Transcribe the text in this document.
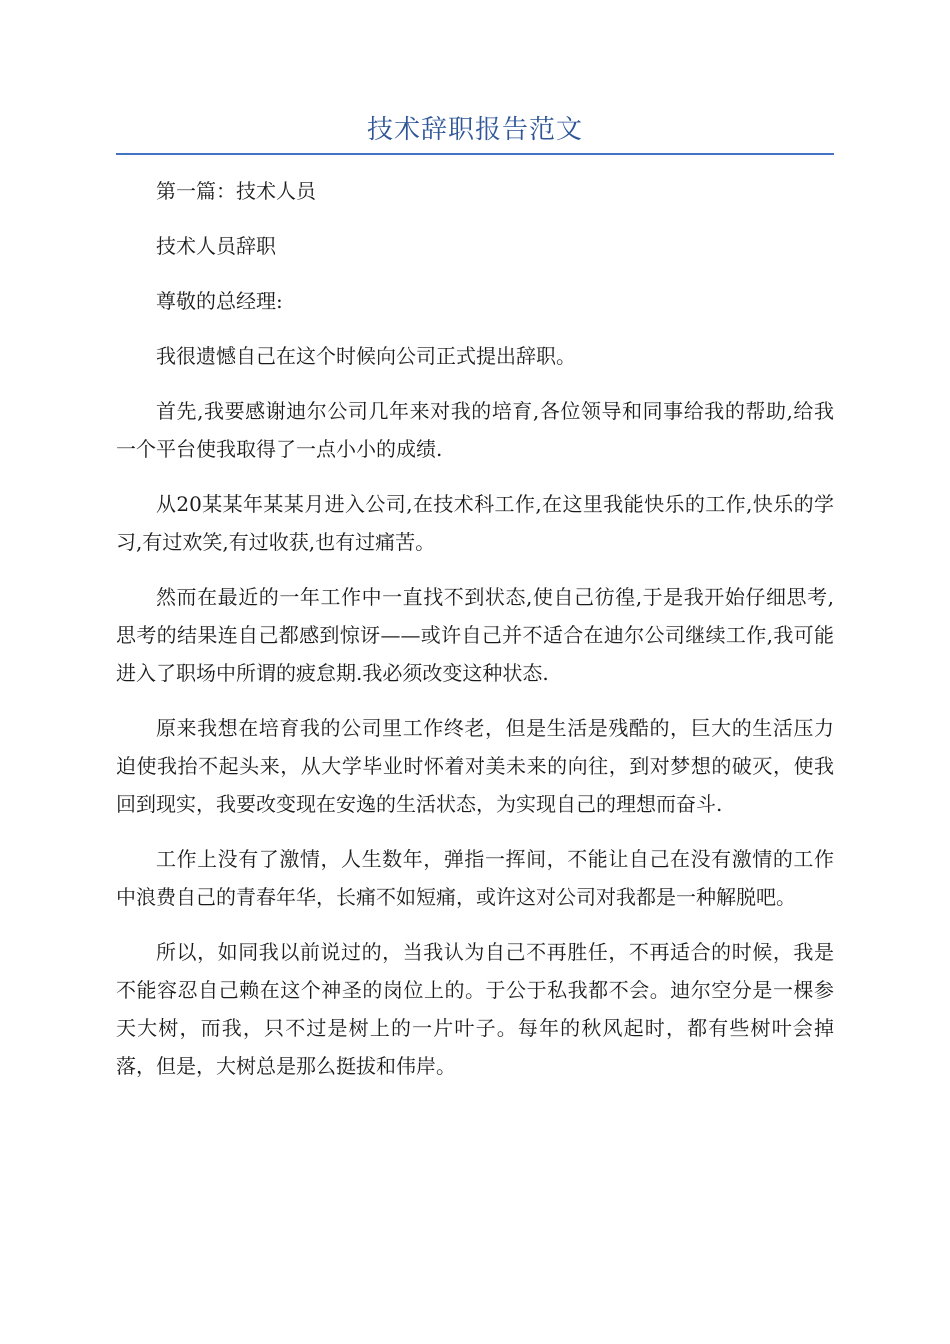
技术辞职报告范文

第一篇：技术人员

技术人员辞职

尊敬的总经理:

我很遗憾自己在这个时候向公司正式提出辞职。

首先,我要感谢迪尔公司几年来对我的培育,各位领导和同事给我的帮助,给我一个平台使我取得了一点小小的成绩.

从20某某年某某月进入公司,在技术科工作,在这里我能快乐的工作,快乐的学习,有过欢笑,有过收获,也有过痛苦。

然而在最近的一年工作中一直找不到状态,使自己彷徨,于是我开始仔细思考,思考的结果连自己都感到惊讶——或许自己并不适合在迪尔公司继续工作,我可能进入了职场中所谓的疲怠期.我必须改变这种状态.

原来我想在培育我的公司里工作终老，但是生活是残酷的，巨大的生活压力迫使我抬不起头来，从大学毕业时怀着对美未来的向往，到对梦想的破灭，使我回到现实，我要改变现在安逸的生活状态，为实现自己的理想而奋斗.

工作上没有了激情，人生数年，弹指一挥间，不能让自己在没有激情的工作中浪费自己的青春年华，长痛不如短痛，或许这对公司对我都是一种解脱吧。

所以，如同我以前说过的，当我认为自己不再胜任，不再适合的时候，我是不能容忍自己赖在这个神圣的岗位上的。于公于私我都不会。迪尔空分是一棵参天大树，而我，只不过是树上的一片叶子。每年的秋风起时，都有些树叶会掉落，但是，大树总是那么挺拔和伟岸。
